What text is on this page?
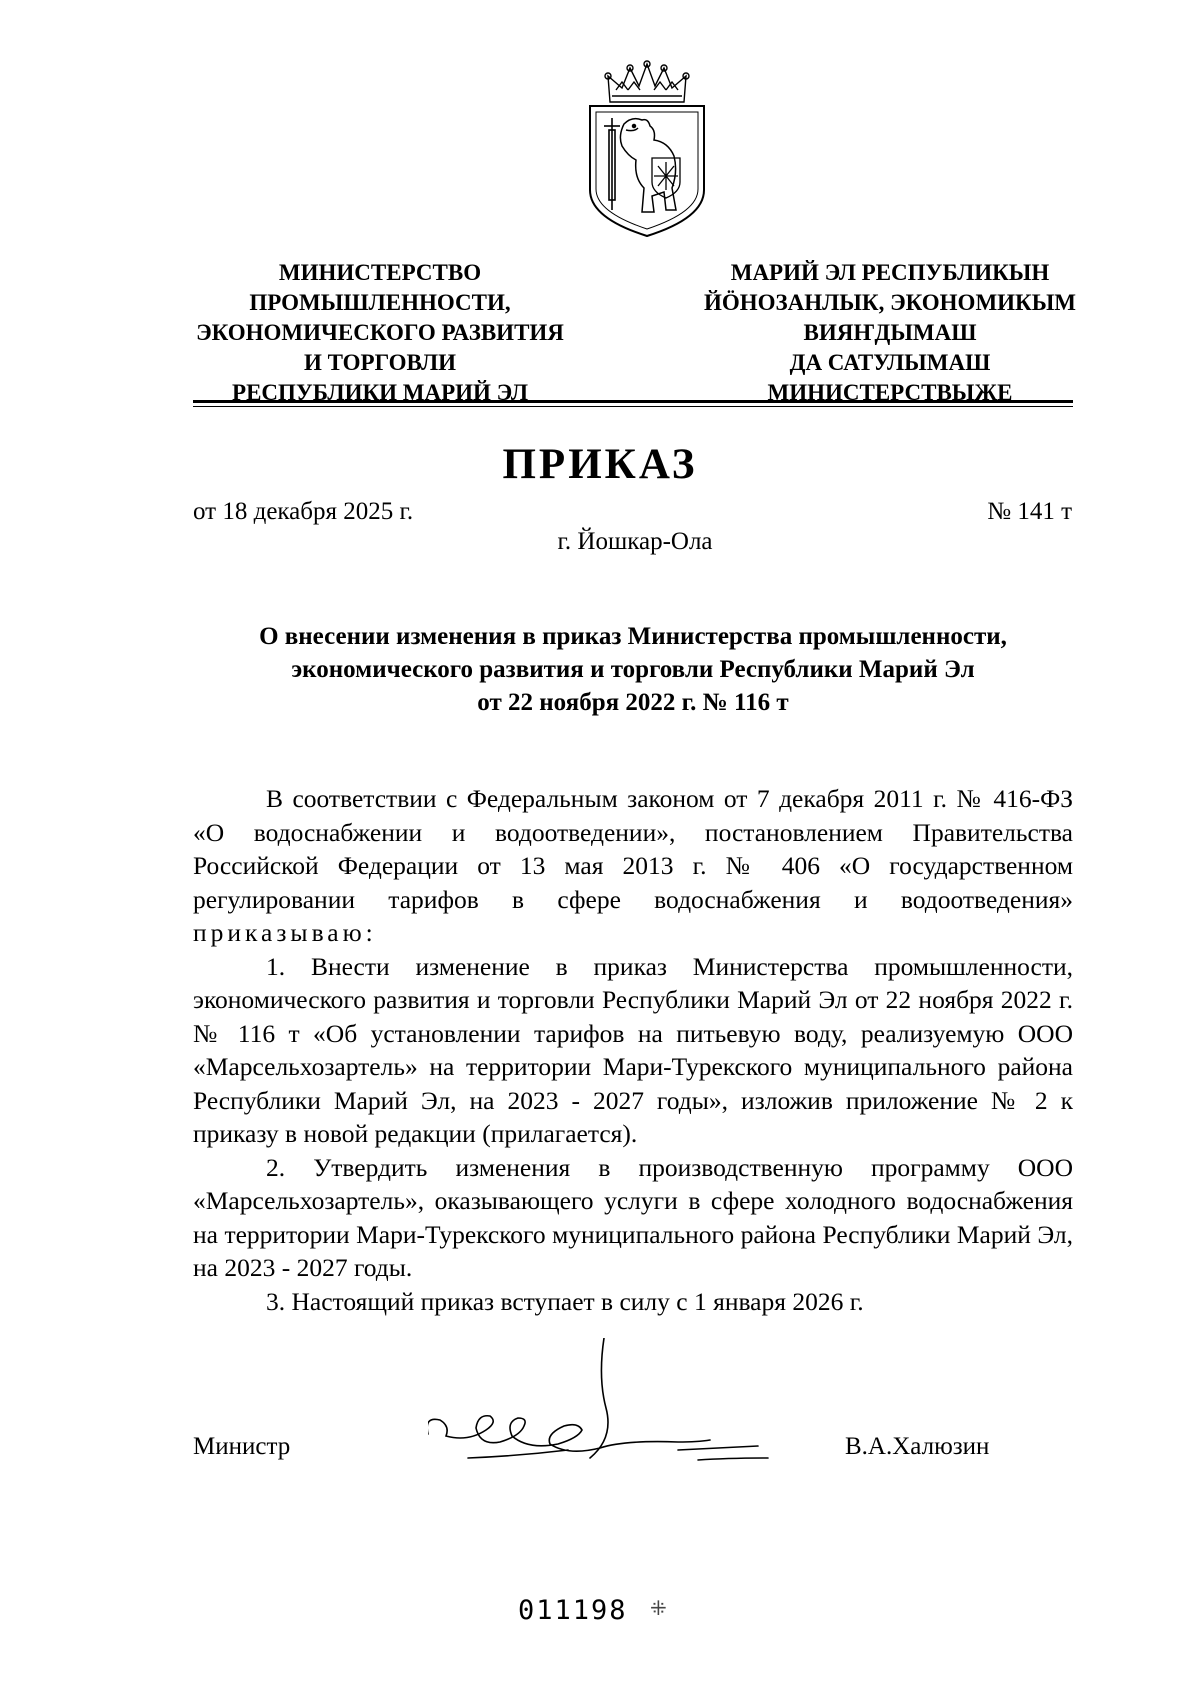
МИНИСТЕРСТВО
ПРОМЫШЛЕННОСТИ,
ЭКОНОМИЧЕСКОГО РАЗВИТИЯ
И ТОРГОВЛИ
РЕСПУБЛИКИ МАРИЙ ЭЛ
МАРИЙ ЭЛ РЕСПУБЛИКЫН
ЙӦНОЗАНЛЫК, ЭКОНОМИКЫМ
ВИЯҤДЫМАШ
ДА САТУЛЫМАШ
МИНИСТЕРСТВЫЖЕ
ПРИКАЗ
от 18 декабря 2025 г.	№ 141 т
г. Йошкар-Ола
О внесении изменения в приказ Министерства промышленности,
экономического развития и торговли Республики Марий Эл
от 22 ноября 2022 г. № 116 т

В соответствии с Федеральным законом от 7 декабря 2011 г. № 416-ФЗ «О водоснабжении и водоотведении», постановлением Правительства Российской Федерации от 13 мая 2013 г. № 406 «О государственном регулировании тарифов в сфере водоснабжения и водоотведения» приказываю:

1. Внести изменение в приказ Министерства промышленности, экономического развития и торговли Республики Марий Эл от 22 ноября 2022 г. № 116 т «Об установлении тарифов на питьевую воду, реализуемую ООО «Марсельхозартель» на территории Мари-Турекского муниципального района Республики Марий Эл, на 2023 - 2027 годы», изложив приложение № 2 к приказу в новой редакции (прилагается).

2. Утвердить изменения в производственную программу ООО «Марсельхозартель», оказывающего услуги в сфере холодного водоснабжения на территории Мари-Турекского муниципального района Республики Марий Эл, на 2023 - 2027 годы.

3. Настоящий приказ вступает в силу с 1 января 2026 г.

Министр	В.А.Халюзин
011198 ⁜
